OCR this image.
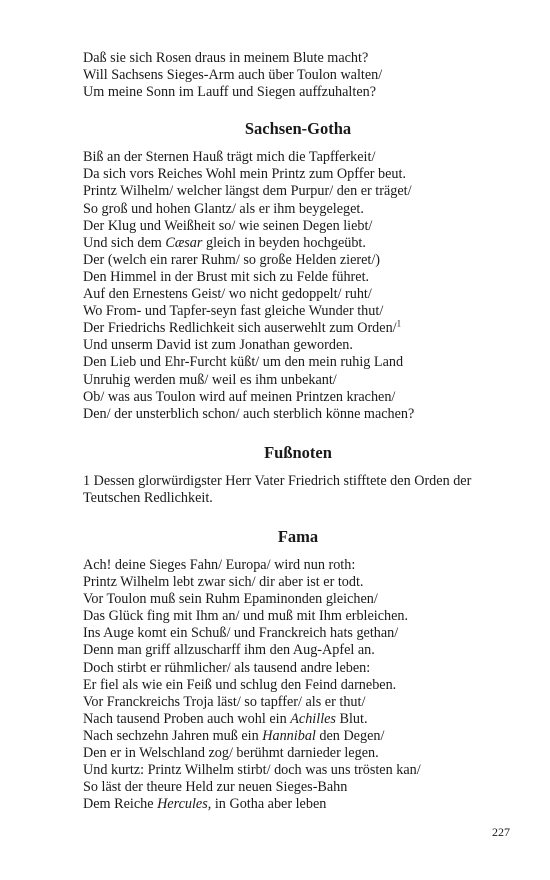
Daß sie sich Rosen draus in meinem Blute macht?
Will Sachsens Sieges-Arm auch über Toulon walten/
Um meine Sonn im Lauff und Siegen auffzuhalten?
Sachsen-Gotha
Biß an der Sternen Hauß trägt mich die Tapfferkeit/
Da sich vors Reiches Wohl mein Printz zum Opffer beut.
Printz Wilhelm/ welcher längst dem Purpur/ den er träget/
So groß und hohen Glantz/ als er ihm beygeleget.
Der Klug und Weißheit so/ wie seinen Degen liebt/
Und sich dem Cæsar gleich in beyden hochgeübt.
Der (welch ein rarer Ruhm/ so große Helden zieret/)
Den Himmel in der Brust mit sich zu Felde führet.
Auf den Ernestens Geist/ wo nicht gedoppelt/ ruht/
Wo From- und Tapfer-seyn fast gleiche Wunder thut/
Der Friedrichs Redlichkeit sich auserwehlt zum Orden/$^1$
Und unserm David ist zum Jonathan geworden.
Den Lieb und Ehr-Furcht küßt/ um den mein ruhig Land
Unruhig werden muß/ weil es ihm unbekant/
Ob/ was aus Toulon wird auf meinen Printzen krachen/
Den/ der unsterblich schon/ auch sterblich könne machen?
Fußnoten
1 Dessen glorwürdigster Herr Vater Friedrich stifftete den Orden der Teutschen Redlichkeit.
Fama
Ach! deine Sieges Fahn/ Europa/ wird nun roth:
Printz Wilhelm lebt zwar sich/ dir aber ist er todt.
Vor Toulon muß sein Ruhm Epaminonden gleichen/
Das Glück fing mit Ihm an/ und muß mit Ihm erbleichen.
Ins Auge komt ein Schuß/ und Franckreich hats gethan/
Denn man griff allzuscharff ihm den Aug-Apfel an.
Doch stirbt er rühmlicher/ als tausend andre leben:
Er fiel als wie ein Feiß und schlug den Feind darneben.
Vor Franckreichs Troja läst/ so tapffer/ als er thut/
Nach tausend Proben auch wohl ein Achilles Blut.
Nach sechzehn Jahren muß ein Hannibal den Degen/
Den er in Welschland zog/ berühmt darnieder legen.
Und kurtz: Printz Wilhelm stirbt/ doch was uns trösten kan/
So läst der theure Held zur neuen Sieges-Bahn
Dem Reiche Hercules, in Gotha aber leben
227
